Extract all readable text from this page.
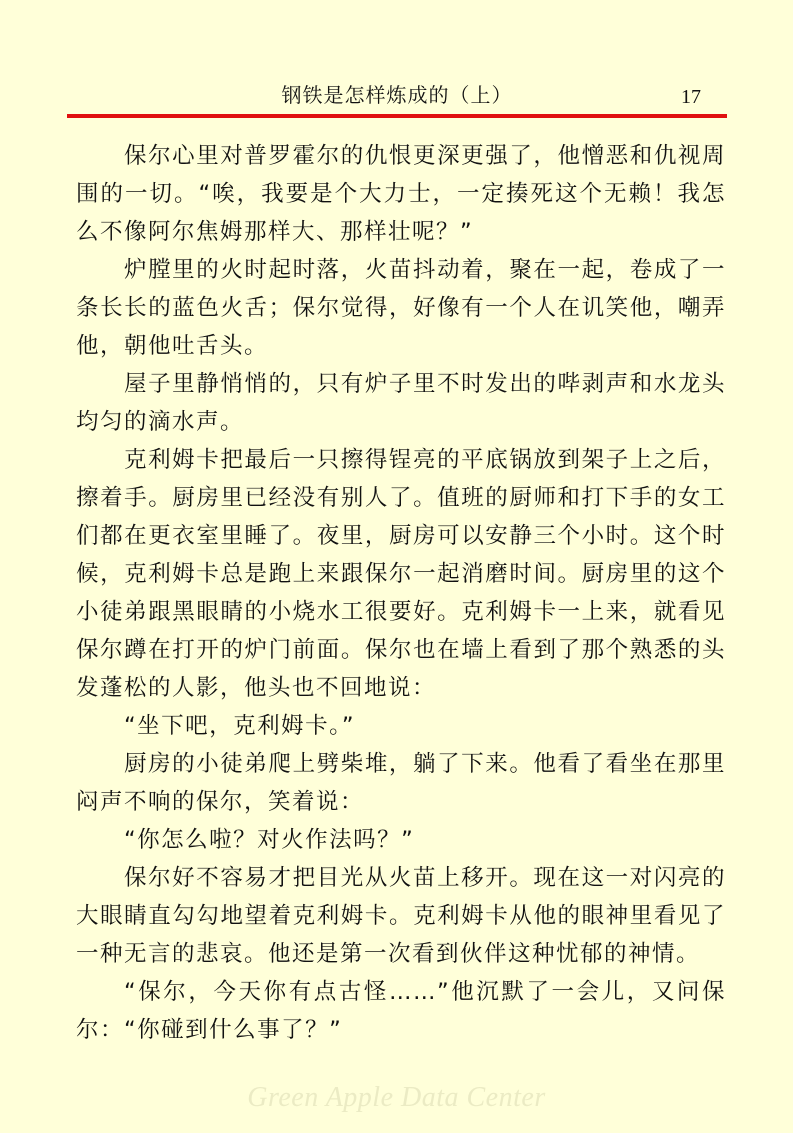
钢铁是怎样炼成的（上）	17

保尔心里对普罗霍尔的仇恨更深更强了，他憎恶和仇视周围的一切。“唉，我要是个大力士，一定揍死这个无赖！我怎么不像阿尔焦姆那样大、那样壮呢？”

炉膛里的火时起时落，火苗抖动着，聚在一起，卷成了一条长长的蓝色火舌；保尔觉得，好像有一个人在讥笑他，嘲弄他，朝他吐舌头。

屋子里静悄悄的，只有炉子里不时发出的哔剥声和水龙头均匀的滴水声。

克利姆卡把最后一只擦得锃亮的平底锅放到架子上之后，擦着手。厨房里已经没有别人了。值班的厨师和打下手的女工们都在更衣室里睡了。夜里，厨房可以安静三个小时。这个时候，克利姆卡总是跑上来跟保尔一起消磨时间。厨房里的这个小徒弟跟黑眼睛的小烧水工很要好。克利姆卡一上来，就看见保尔蹲在打开的炉门前面。保尔也在墙上看到了那个熟悉的头发蓬松的人影，他头也不回地说：

“坐下吧，克利姆卡。”

厨房的小徒弟爬上劈柴堆，躺了下来。他看了看坐在那里闷声不响的保尔，笑着说：

“你怎么啦？对火作法吗？”

保尔好不容易才把目光从火苗上移开。现在这一对闪亮的大眼睛直勾勾地望着克利姆卡。克利姆卡从他的眼神里看见了一种无言的悲哀。他还是第一次看到伙伴这种忧郁的神情。

“保尔，今天你有点古怪……”他沉默了一会儿，又问保尔：“你碰到什么事了？”

Green Apple Data Center
